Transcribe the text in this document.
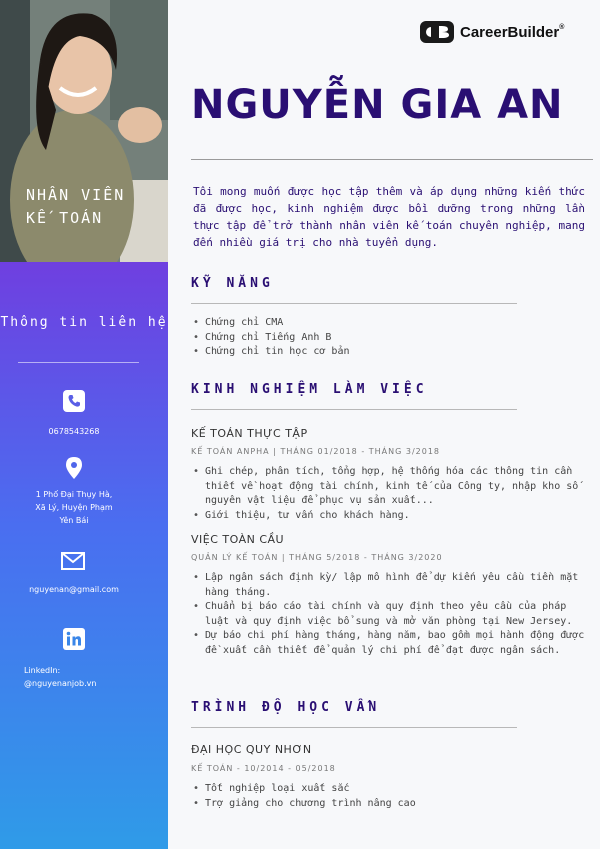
NHÂN VIÊN KẾ TOÁN
Thông tin liên hệ
0678543268
1 Phố Đại Thụy Hà,
Xã Lý, Huyện Phạm
Yên Bái
nguyenan@gmail.com
LinkedIn:
@nguyenanjob.vn
CareerBuilder®
NGUYỄN GIA AN
Tôi mong muốn được học tập thêm và áp dụng những kiến thức đã được học, kinh nghiệm được bồi dưỡng trong những lần thực tập để trở thành nhân viên kế toán chuyên nghiệp, mang đến nhiều giá trị cho nhà tuyển dụng.
KỸ NĂNG
• Chứng chỉ CMA
• Chứng chỉ Tiếng Anh B
• Chứng chỉ tin học cơ bản
KINH NGHIỆM LÀM VIỆC
KẾ TOÁN THỰC TẬP
KẾ TOÁN ANPHA | THÁNG 01/2018 - THÁNG 3/2018
• Ghi chép, phân tích, tổng hợp, hệ thống hóa các thông tin cần thiết về hoạt động tài chính, kinh tế của Công ty, nhập kho số nguyên vật liệu để phục vụ sản xuất...
• Giới thiệu, tư vấn cho khách hàng.
VIỆC TOÀN CẦU
QUẢN LÝ KẾ TOÁN | THÁNG 5/2018 - THÁNG 3/2020
• Lập ngân sách định kỳ/ lập mô hình để dự kiến yêu cầu tiền mặt hàng tháng.
• Chuẩn bị báo cáo tài chính và quy định theo yêu cầu của pháp luật và quy định việc bổ sung và mở văn phòng tại New Jersey.
• Dự báo chi phí hàng tháng, hàng năm, bao gồm mọi hành động được đề xuất cần thiết để quản lý chi phí để đạt được ngân sách.
TRÌNH ĐỘ HỌC VẤN
ĐẠI HỌC QUY NHƠN
KẾ TOÁN - 10/2014 - 05/2018
• Tốt nghiệp loại xuất sắc
• Trợ giảng cho chương trình nâng cao
